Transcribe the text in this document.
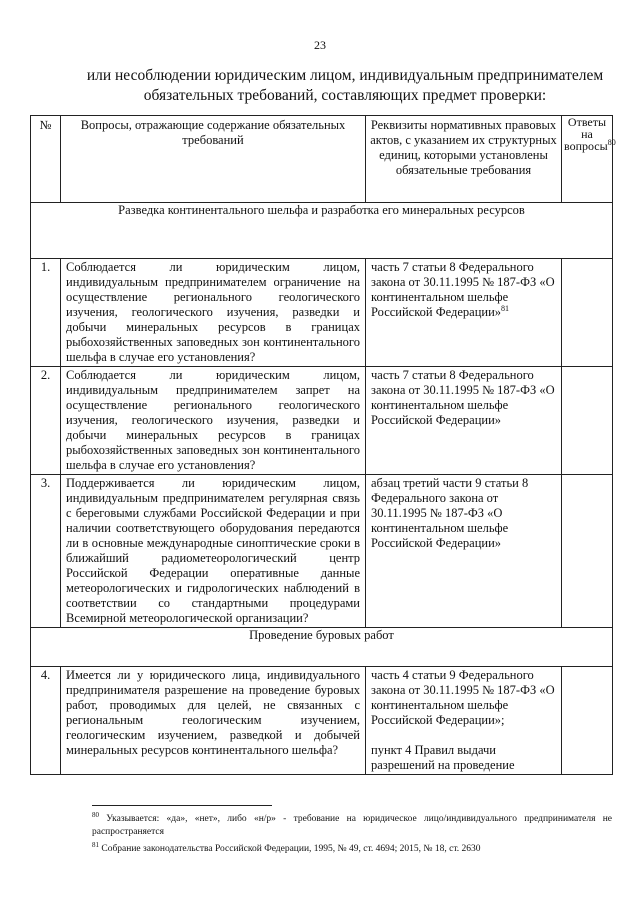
23
или несоблюдении юридическим лицом, индивидуальным предпринимателем обязательных требований, составляющих предмет проверки:
№	Вопросы, отражающие содержание обязательных требований	Реквизиты нормативных правовых актов, с указанием их структурных единиц, которыми установлены обязательные требования	Ответы на вопросы$^{80}$
Разведка континентального шельфа и разработка его минеральных ресурсов			
1.	Соблюдается ли юридическим лицом, индивидуальным предпринимателем ограничение на осуществление регионального геологического изучения, геологического изучения, разведки и добычи минеральных ресурсов в границах рыбохозяйственных заповедных зон континентального шельфа в случае его установления?	часть 7 статьи 8 Федерального закона от 30.11.1995 № 187-ФЗ «О континентальном шельфе Российской Федерации»$^{81}$	
2.	Соблюдается ли юридическим лицом, индивидуальным предпринимателем запрет на осуществление регионального геологического изучения, геологического изучения, разведки и добычи минеральных ресурсов в границах рыбохозяйственных заповедных зон континентального шельфа в случае его установления?	часть 7 статьи 8 Федерального закона от 30.11.1995 № 187-ФЗ «О континентальном шельфе Российской Федерации»	
3.	Поддерживается ли юридическим лицом, индивидуальным предпринимателем регулярная связь с береговыми службами Российской Федерации и при наличии соответствующего оборудования передаются ли в основные международные синоптические сроки в ближайший радиометеорологический центр Российской Федерации оперативные данные метеорологических и гидрологических наблюдений в соответствии со стандартными процедурами Всемирной метеорологической организации?	абзац третий части 9 статьи 8 Федерального закона от 30.11.1995 № 187-ФЗ «О континентальном шельфе Российской Федерации»	
Проведение буровых работ			
4.	Имеется ли у юридического лица, индивидуального предпринимателя разрешение на проведение буровых работ, проводимых для целей, не связанных с региональным геологическим изучением, геологическим изучением, разведкой и добычей минеральных ресурсов континентального шельфа?	часть 4 статьи 9 Федерального закона от 30.11.1995 № 187-ФЗ «О континентальном шельфе Российской Федерации»;
пункт 4 Правил выдачи разрешений на проведение	

$^{80}$ Указывается: «да», «нет», либо «н/р» - требование на юридическое лицо/индивидуального предпринимателя не распространяется
$^{81}$ Собрание законодательства Российской Федерации, 1995, № 49, ст. 4694; 2015, № 18, ст. 2630
